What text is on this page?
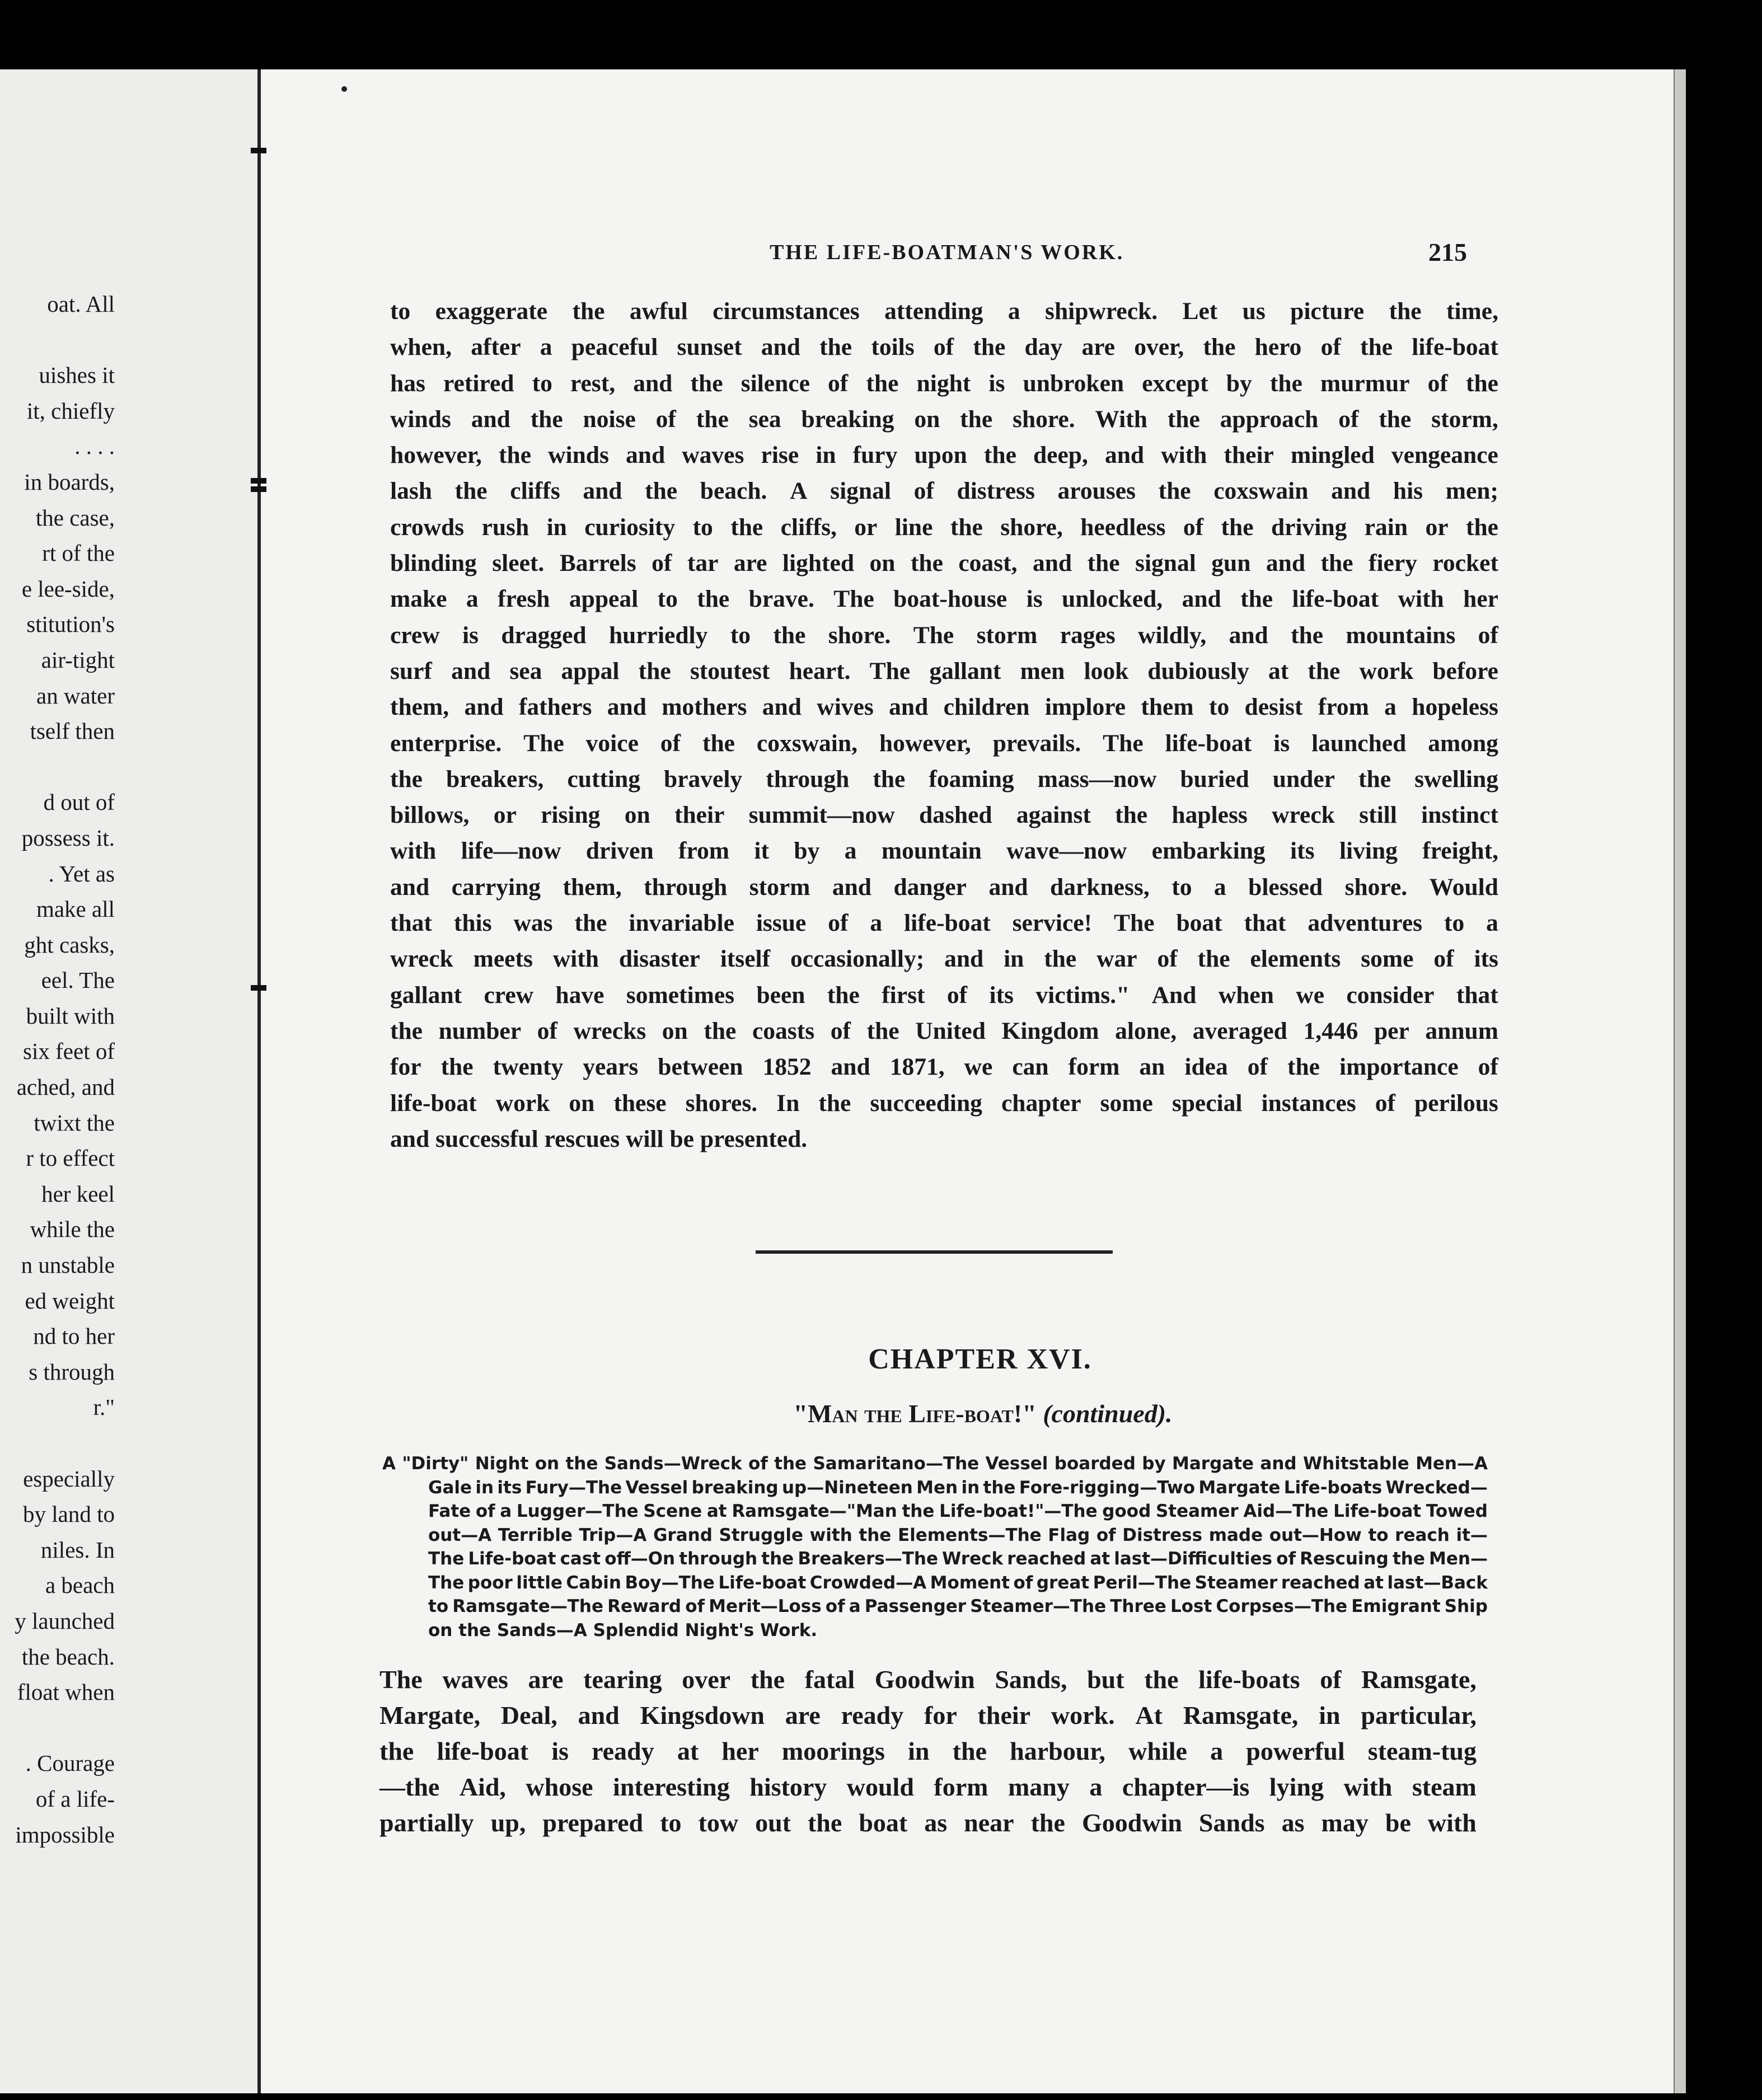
oat. All

uishes it
it, chiefly
. . . .
in boards,
the case,
rt of the
e lee-side,
stitution's
air-tight
an water
tself then

d out of
possess it.
. Yet as
make all
ght casks,
eel. The
built with
six feet of
ached, and
twixt the
r to effect
her keel
while the
n unstable
ed weight
nd to her
s through
r."

especially
by land to
niles. In
a beach
y launched
the beach.
float when

. Courage
of a life-
impossible
THE LIFE-BOATMAN'S WORK.	215
to exaggerate the awful circumstances attending a shipwreck. Let us picture the time,
when, after a peaceful sunset and the toils of the day are over, the hero of the life-boat
has retired to rest, and the silence of the night is unbroken except by the murmur of the
winds and the noise of the sea breaking on the shore. With the approach of the storm,
however, the winds and waves rise in fury upon the deep, and with their mingled vengeance
lash the cliffs and the beach. A signal of distress arouses the coxswain and his men;
crowds rush in curiosity to the cliffs, or line the shore, heedless of the driving rain or the
blinding sleet. Barrels of tar are lighted on the coast, and the signal gun and the fiery rocket
make a fresh appeal to the brave. The boat-house is unlocked, and the life-boat with her
crew is dragged hurriedly to the shore. The storm rages wildly, and the mountains of
surf and sea appal the stoutest heart. The gallant men look dubiously at the work before
them, and fathers and mothers and wives and children implore them to desist from a hopeless
enterprise. The voice of the coxswain, however, prevails. The life-boat is launched among
the breakers, cutting bravely through the foaming mass—now buried under the swelling
billows, or rising on their summit—now dashed against the hapless wreck still instinct
with life—now driven from it by a mountain wave—now embarking its living freight,
and carrying them, through storm and danger and darkness, to a blessed shore. Would
that this was the invariable issue of a life-boat service! The boat that adventures to a
wreck meets with disaster itself occasionally; and in the war of the elements some of its
gallant crew have sometimes been the first of its victims." And when we consider that
the number of wrecks on the coasts of the United Kingdom alone, averaged 1,446 per annum
for the twenty years between 1852 and 1871, we can form an idea of the importance of
life-boat work on these shores. In the succeeding chapter some special instances of perilous
and successful rescues will be presented.
CHAPTER XVI.
"Man the Life-boat!" (continued).
A "Dirty" Night on the Sands—Wreck of the Samaritano—The Vessel boarded by Margate and Whitstable Men—A
Gale in its Fury—The Vessel breaking up—Nineteen Men in the Fore-rigging—Two Margate Life-boats Wrecked—
Fate of a Lugger—The Scene at Ramsgate—"Man the Life-boat!"—The good Steamer Aid—The Life-boat Towed
out—A Terrible Trip—A Grand Struggle with the Elements—The Flag of Distress made out—How to reach it—
The Life-boat cast off—On through the Breakers—The Wreck reached at last—Difficulties of Rescuing the Men—
The poor little Cabin Boy—The Life-boat Crowded—A Moment of great Peril—The Steamer reached at last—Back
to Ramsgate—The Reward of Merit—Loss of a Passenger Steamer—The Three Lost Corpses—The Emigrant Ship
on the Sands—A Splendid Night's Work.
The waves are tearing over the fatal Goodwin Sands, but the life-boats of Ramsgate,
Margate, Deal, and Kingsdown are ready for their work. At Ramsgate, in particular,
the life-boat is ready at her moorings in the harbour, while a powerful steam-tug
—the Aid, whose interesting history would form many a chapter—is lying with steam
partially up, prepared to tow out the boat as near the Goodwin Sands as may be with
